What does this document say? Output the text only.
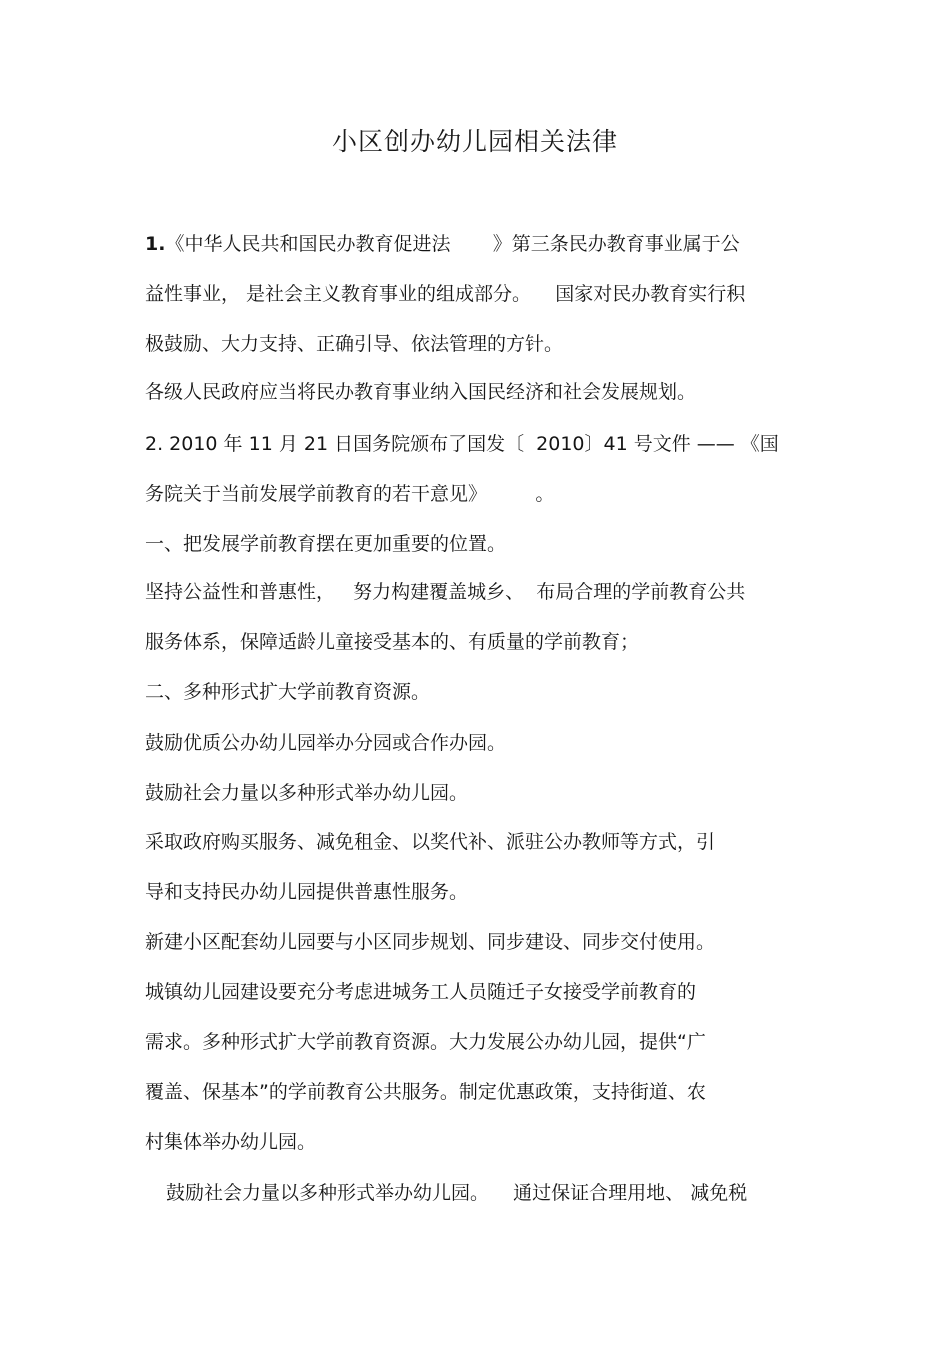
小区创办幼儿园相关法律
1.《中华人民共和国民办教育促进法       》第三条民办教育事业属于公
益性事业， 是社会主义教育事业的组成部分。    国家对民办教育实行积
极鼓励、大力支持、正确引导、依法管理的方针。
各级人民政府应当将民办教育事业纳入国民经济和社会发展规划。
2. 2010 年 11 月 21 日国务院颁布了国发〔  2010〕41 号文件 —— 《国
务院关于当前发展学前教育的若干意见》        。
一、把发展学前教育摆在更加重要的位置。
坚持公益性和普惠性，   努力构建覆盖城乡、  布局合理的学前教育公共
服务体系，保障适龄儿童接受基本的、有质量的学前教育；
二、多种形式扩大学前教育资源。
鼓励优质公办幼儿园举办分园或合作办园。
鼓励社会力量以多种形式举办幼儿园。
采取政府购买服务、减免租金、以奖代补、派驻公办教师等方式，引
导和支持民办幼儿园提供普惠性服务。
新建小区配套幼儿园要与小区同步规划、同步建设、同步交付使用。
城镇幼儿园建设要充分考虑进城务工人员随迁子女接受学前教育的
需求。多种形式扩大学前教育资源。大力发展公办幼儿园，提供“广
覆盖、保基本”的学前教育公共服务。制定优惠政策，支持街道、农
村集体举办幼儿园。
鼓励社会力量以多种形式举办幼儿园。    通过保证合理用地、 减免税
